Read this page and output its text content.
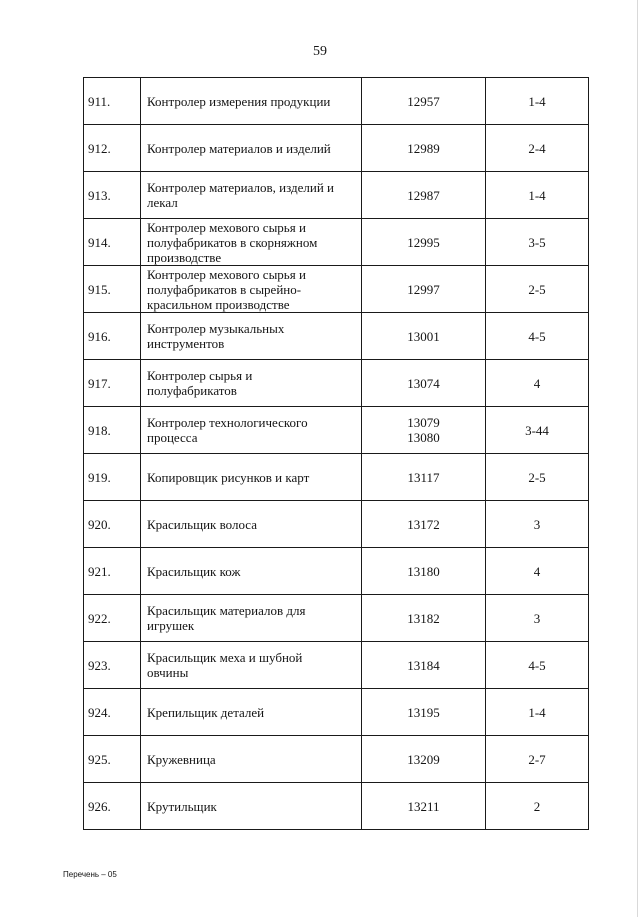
59
911.	Контролер измерения продукции	12957	1-4

912.	Контролер материалов и изделий	12989	2-4

913.	Контролер материалов, изделий и
лекал	12987	1-4

914.	Контролер мехового сырья и
полуфабрикатов в скорняжном
производстве	12995	3-5

915.	Контролер мехового сырья и
полуфабрикатов в сырейно-
красильном производстве	12997	2-5

916.	Контролер музыкальных
инструментов	13001	4-5

917.	Контролер сырья и
полуфабрикатов	13074	4

918.	Контролер технологического
процесса	13079
13080	3-44

919.	Копировщик рисунков и карт	13117	2-5

920.	Красильщик волоса	13172	3

921.	Красильщик кож	13180	4

922.	Красильщик материалов для
игрушек	13182	3

923.	Красильщик меха и шубной
овчины	13184	4-5

924.	Крепильщик деталей	13195	1-4

925.	Кружевница	13209	2-7

926.	Крутильщик	13211	2
Перечень – 05
